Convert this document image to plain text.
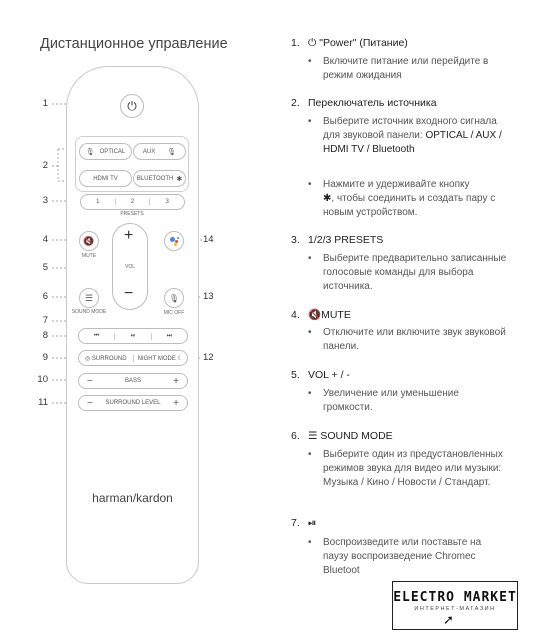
Дистанционное управление
1
2
3
4
5
6
7
8
9
10
11
12
13
14
⏻
🎙 OPTICAL	AUX 🎙
HDMI TV	BLUETOOTH ✱
1	2	3
PRESETS
🔇
MUTE
+
VOL
−
☰
SOUND MODE
🎙
MIC OFF
⏮	⏯	⏭
◎ SURROUND	NIGHT MODE ☾
−	BASS	+
− SURROUND LEVEL +
harman/kardon
1. ⏻ "Power" (Питание)
• Включите питание или перейдите в режим ожидания
2. Переключатель источника
• Выберите источник входного сигнала для звуковой панели: OPTICAL / AUX / HDMI TV / Bluetooth
• Нажмите и удерживайте кнопку
✱, чтобы соединить и создать пару с новым устройством.
3. 1/2/3 PRESETS
• Выберите предварительно записанные голосовые команды для выбора источника.
4. 🔇MUTE
• Отключите или включите звук звуковой панели.
5. VOL + / -
• Увеличение или уменьшение громкости.
6. ☰ SOUND MODE
• Выберите один из предустановленных режимов звука для видео или музыки: Музыка / Кино / Новости / Стандарт.
7. ⏯
• Воспроизведите или поставьте на паузу воспроизведение Chromec
Bluetoot
ELECTRO MARKET
ИНТЕРНЕТ-МАГАЗИН
➚
